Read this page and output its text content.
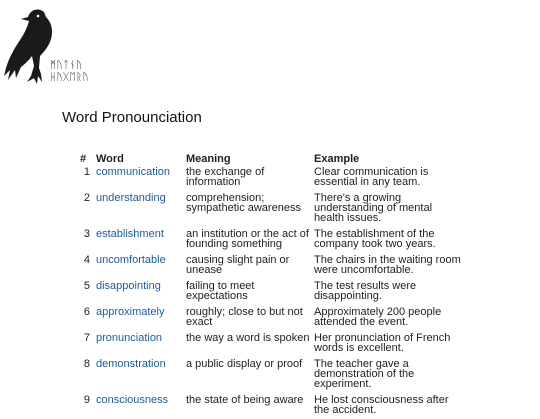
ᛗᚢᛏᚾᚢ
ᚺᚢᚷᛖᚱᚢ
Word Pronounciation
#	Word	Meaning	Example
1	communication	the exchange of information	Clear communication is essential in any team.
2	understanding	comprehension; sympathetic awareness	There's a growing understanding of mental health issues.
3	establishment	an institution or the act of founding something	The establishment of the company took two years.
4	uncomfortable	causing slight pain or unease	The chairs in the waiting room were uncomfortable.
5	disappointing	failing to meet expectations	The test results were disappointing.
6	approximately	roughly; close to but not exact	Approximately 200 people attended the event.
7	pronunciation	the way a word is spoken	Her pronunciation of French words is excellent.
8	demonstration	a public display or proof	The teacher gave a demonstration of the experiment.
9	consciousness	the state of being aware	He lost consciousness after the accident.
